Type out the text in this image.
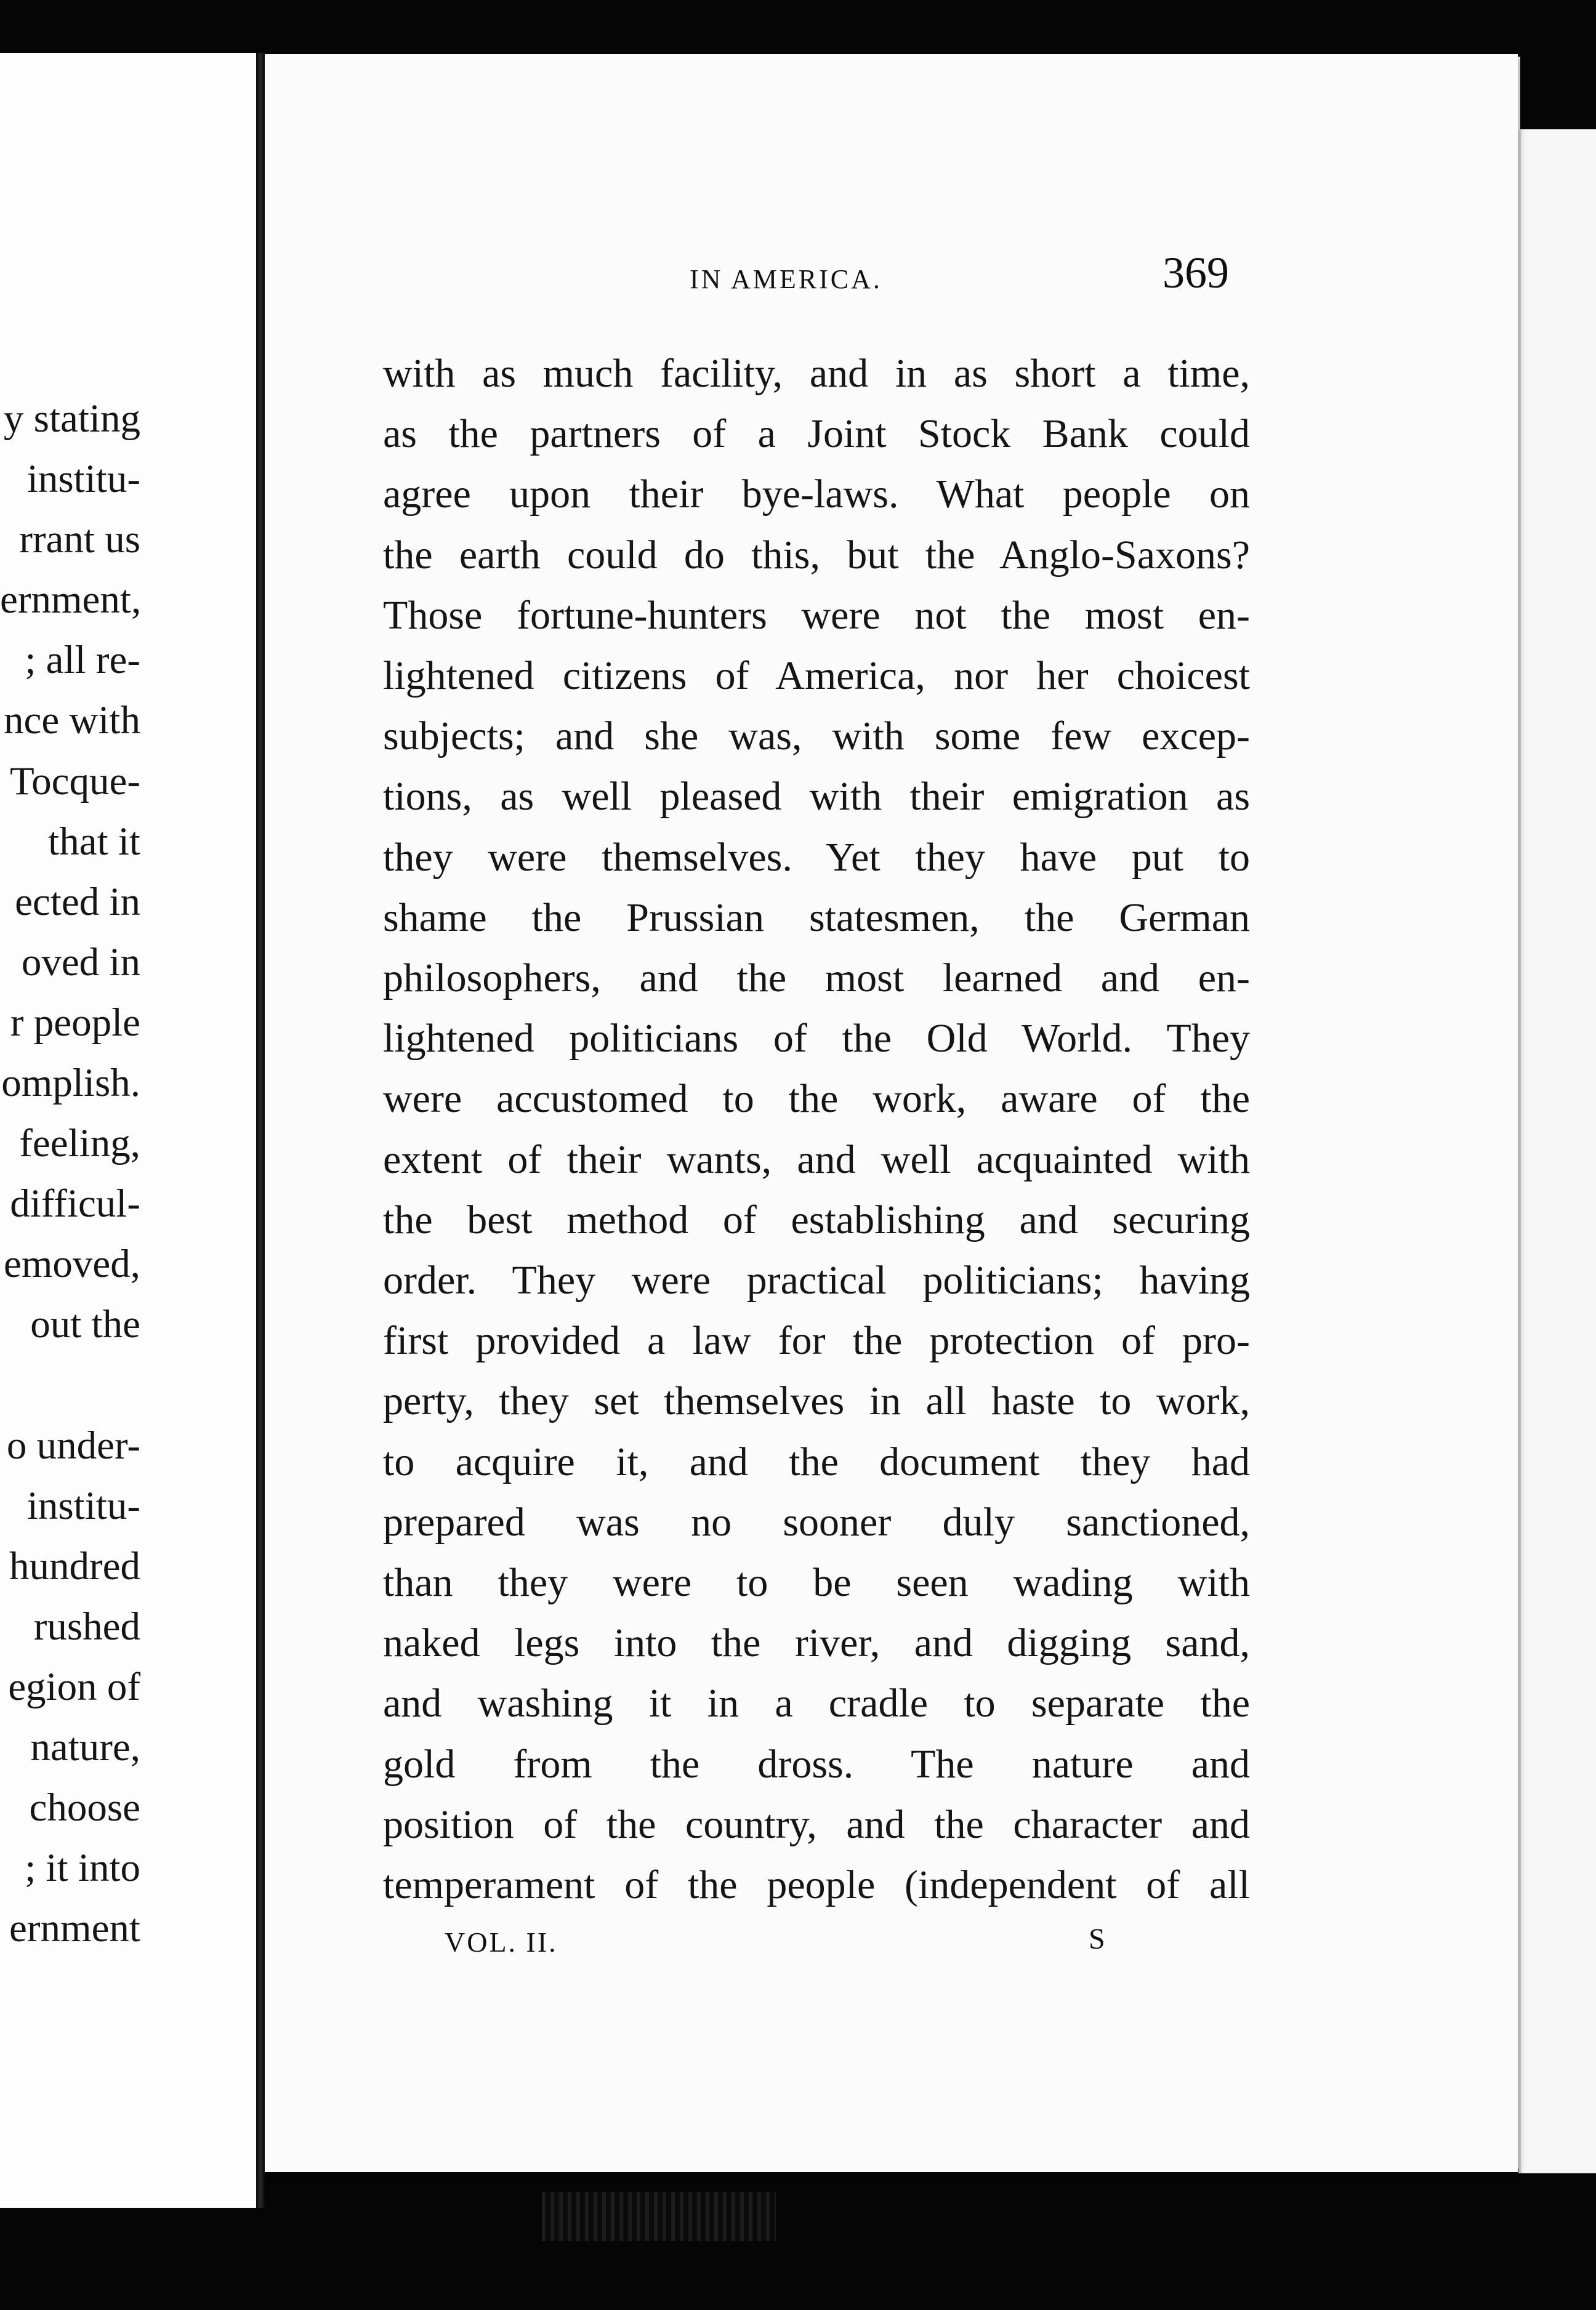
y stating
institu-
rrant us
ernment,
; all re-
nce with
Tocque-
that it
ected in
oved in
r people
omplish.
feeling,
difficul-
emoved,
out the
o under-
institu-
hundred
rushed
egion of
nature,
choose
; it into
ernment
IN AMERICA.	369
with as much facility, and in as short a time,
as the partners of a Joint Stock Bank could
agree upon their bye-laws. What people on
the earth could do this, but the Anglo-Saxons?
Those fortune-hunters were not the most en-
lightened citizens of America, nor her choicest
subjects; and she was, with some few excep-
tions, as well pleased with their emigration as
they were themselves. Yet they have put to
shame the Prussian statesmen, the German
philosophers, and the most learned and en-
lightened politicians of the Old World. They
were accustomed to the work, aware of the
extent of their wants, and well acquainted with
the best method of establishing and securing
order. They were practical politicians; having
first provided a law for the protection of pro-
perty, they set themselves in all haste to work,
to acquire it, and the document they had
prepared was no sooner duly sanctioned,
than they were to be seen wading with
naked legs into the river, and digging sand,
and washing it in a cradle to separate the
gold from the dross. The nature and
position of the country, and the character and
temperament of the people (independent of all
VOL. II.	S
